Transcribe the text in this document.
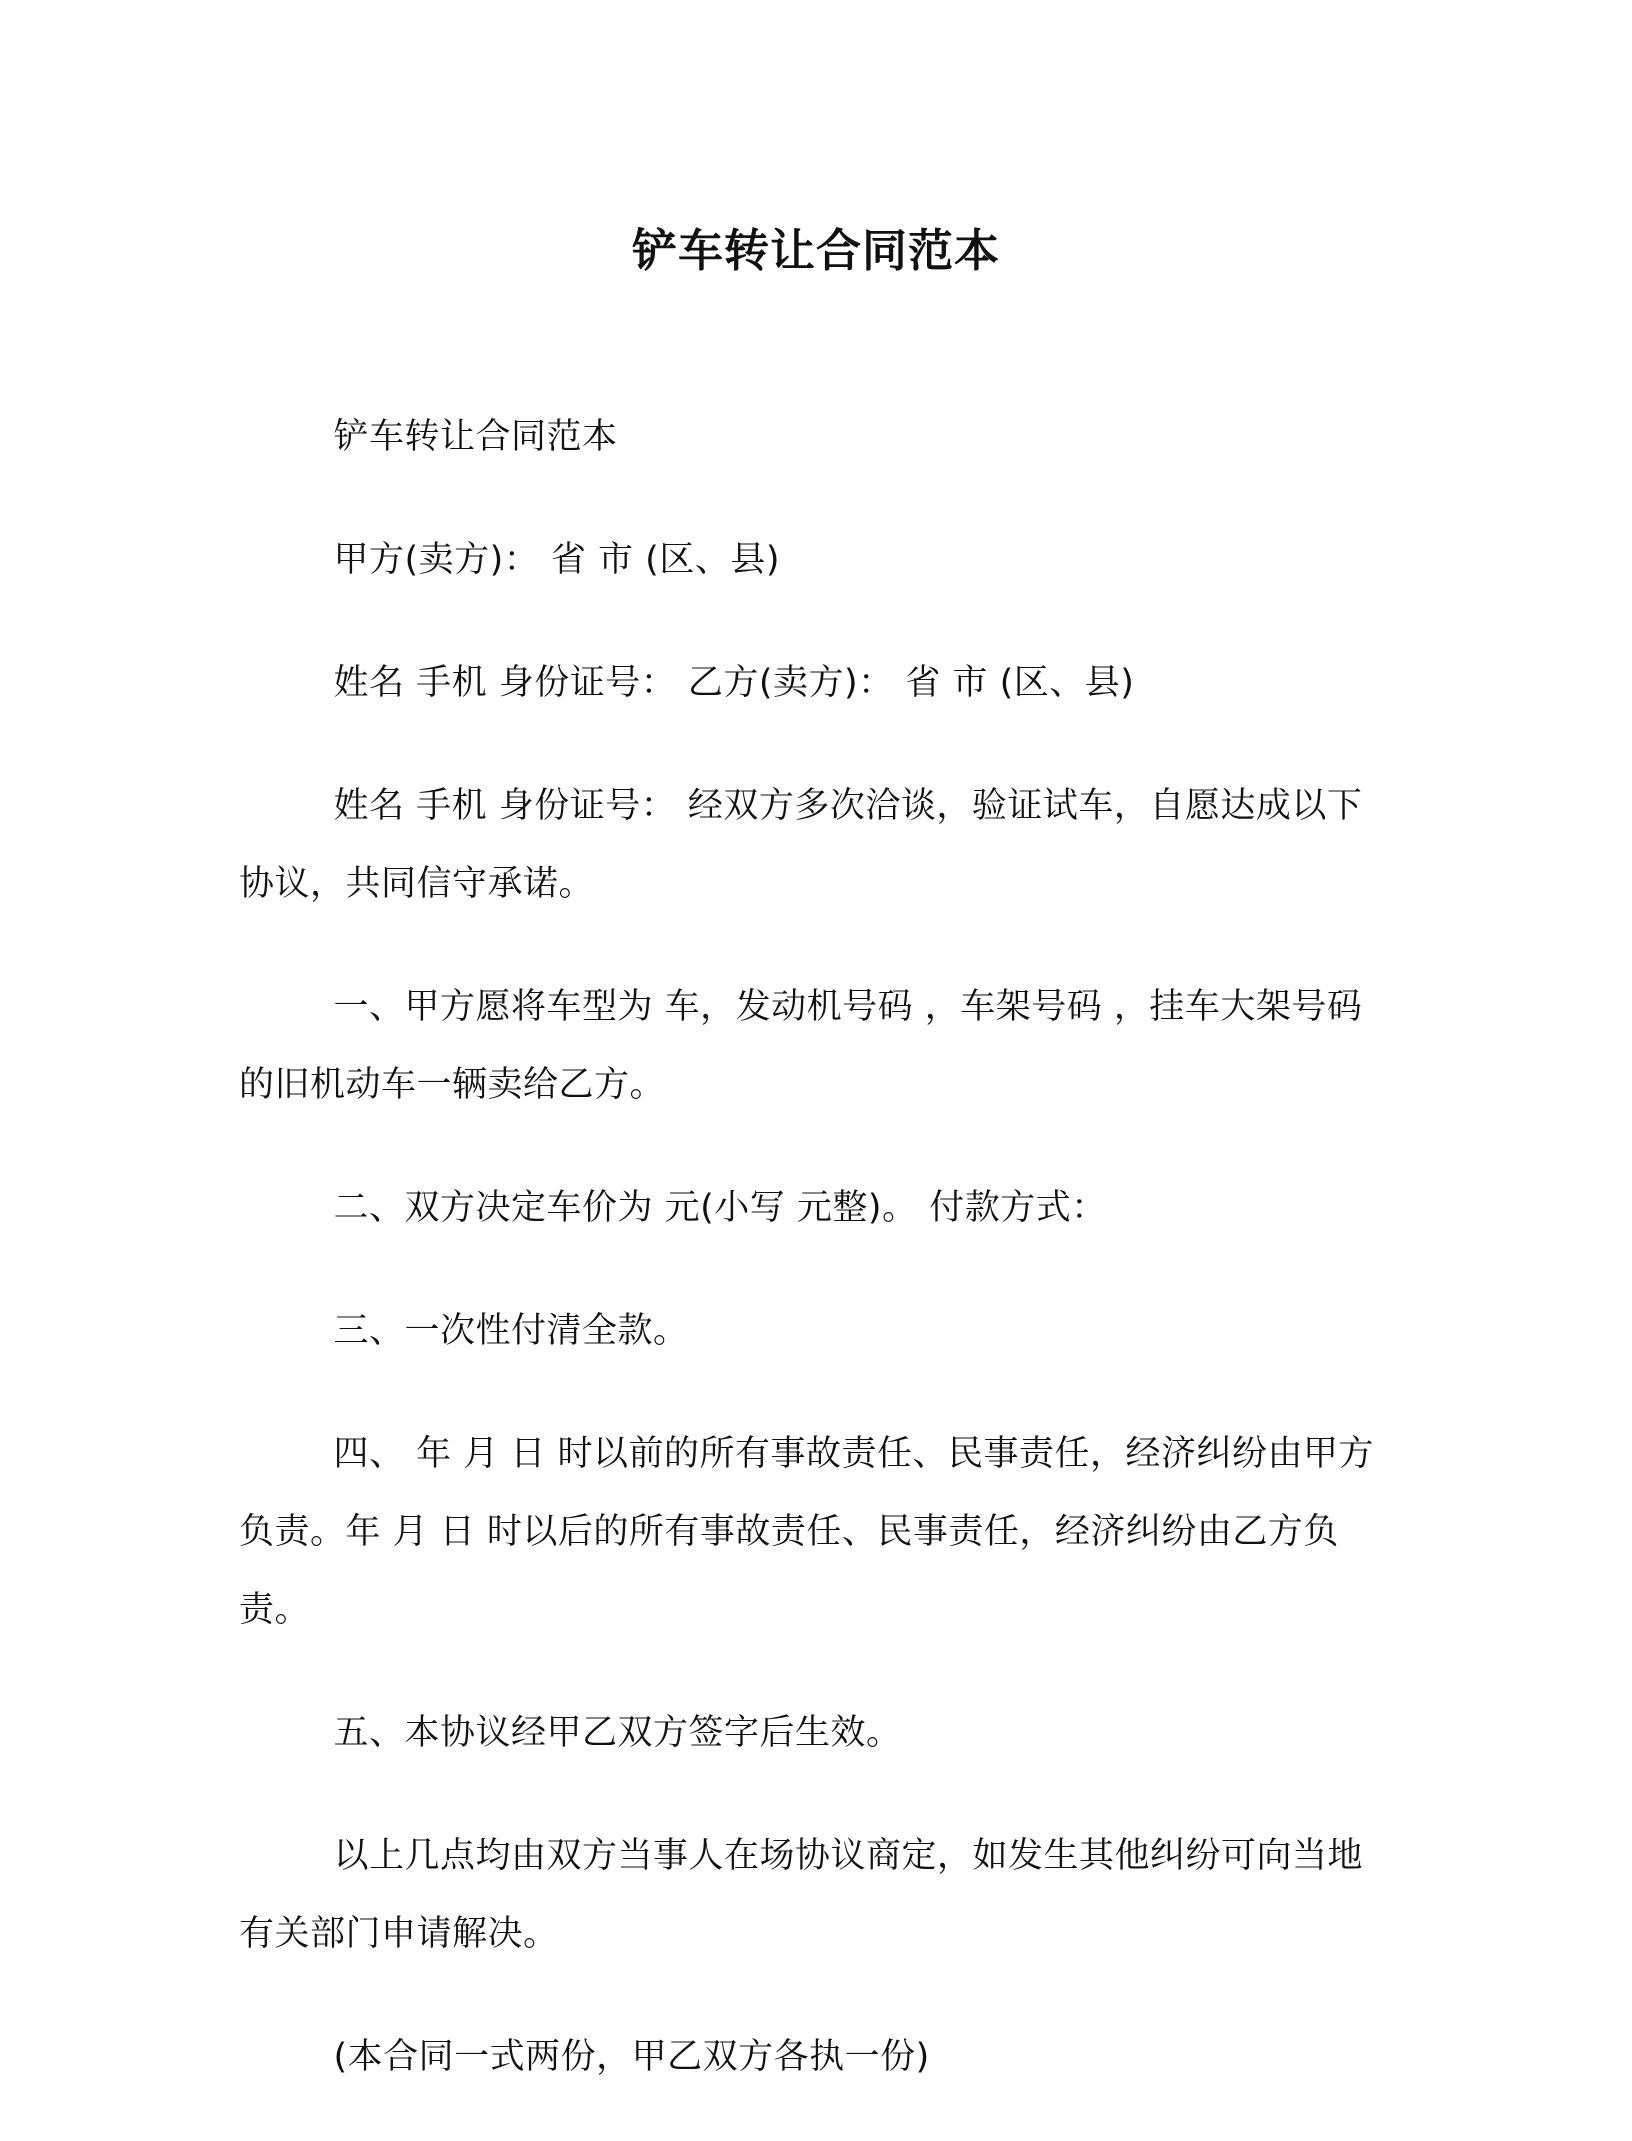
铲车转让合同范本

铲车转让合同范本

甲方(卖方)： 省 市 (区、县)

姓名 手机 身份证号： 乙方(卖方)： 省 市 (区、县)

姓名 手机 身份证号： 经双方多次洽谈，验证试车，自愿达成以下协议，共同信守承诺。

一、甲方愿将车型为 车，发动机号码 ，车架号码 ，挂车大架号码 的旧机动车一辆卖给乙方。

二、双方决定车价为 元(小写 元整)。 付款方式：

三、一次性付清全款。

四、 年 月 日 时以前的所有事故责任、民事责任，经济纠纷由甲方负责。年 月 日 时以后的所有事故责任、民事责任，经济纠纷由乙方负责。

五、本协议经甲乙双方签字后生效。

以上几点均由双方当事人在场协议商定，如发生其他纠纷可向当地有关部门申请解决。

(本合同一式两份，甲乙双方各执一份)
